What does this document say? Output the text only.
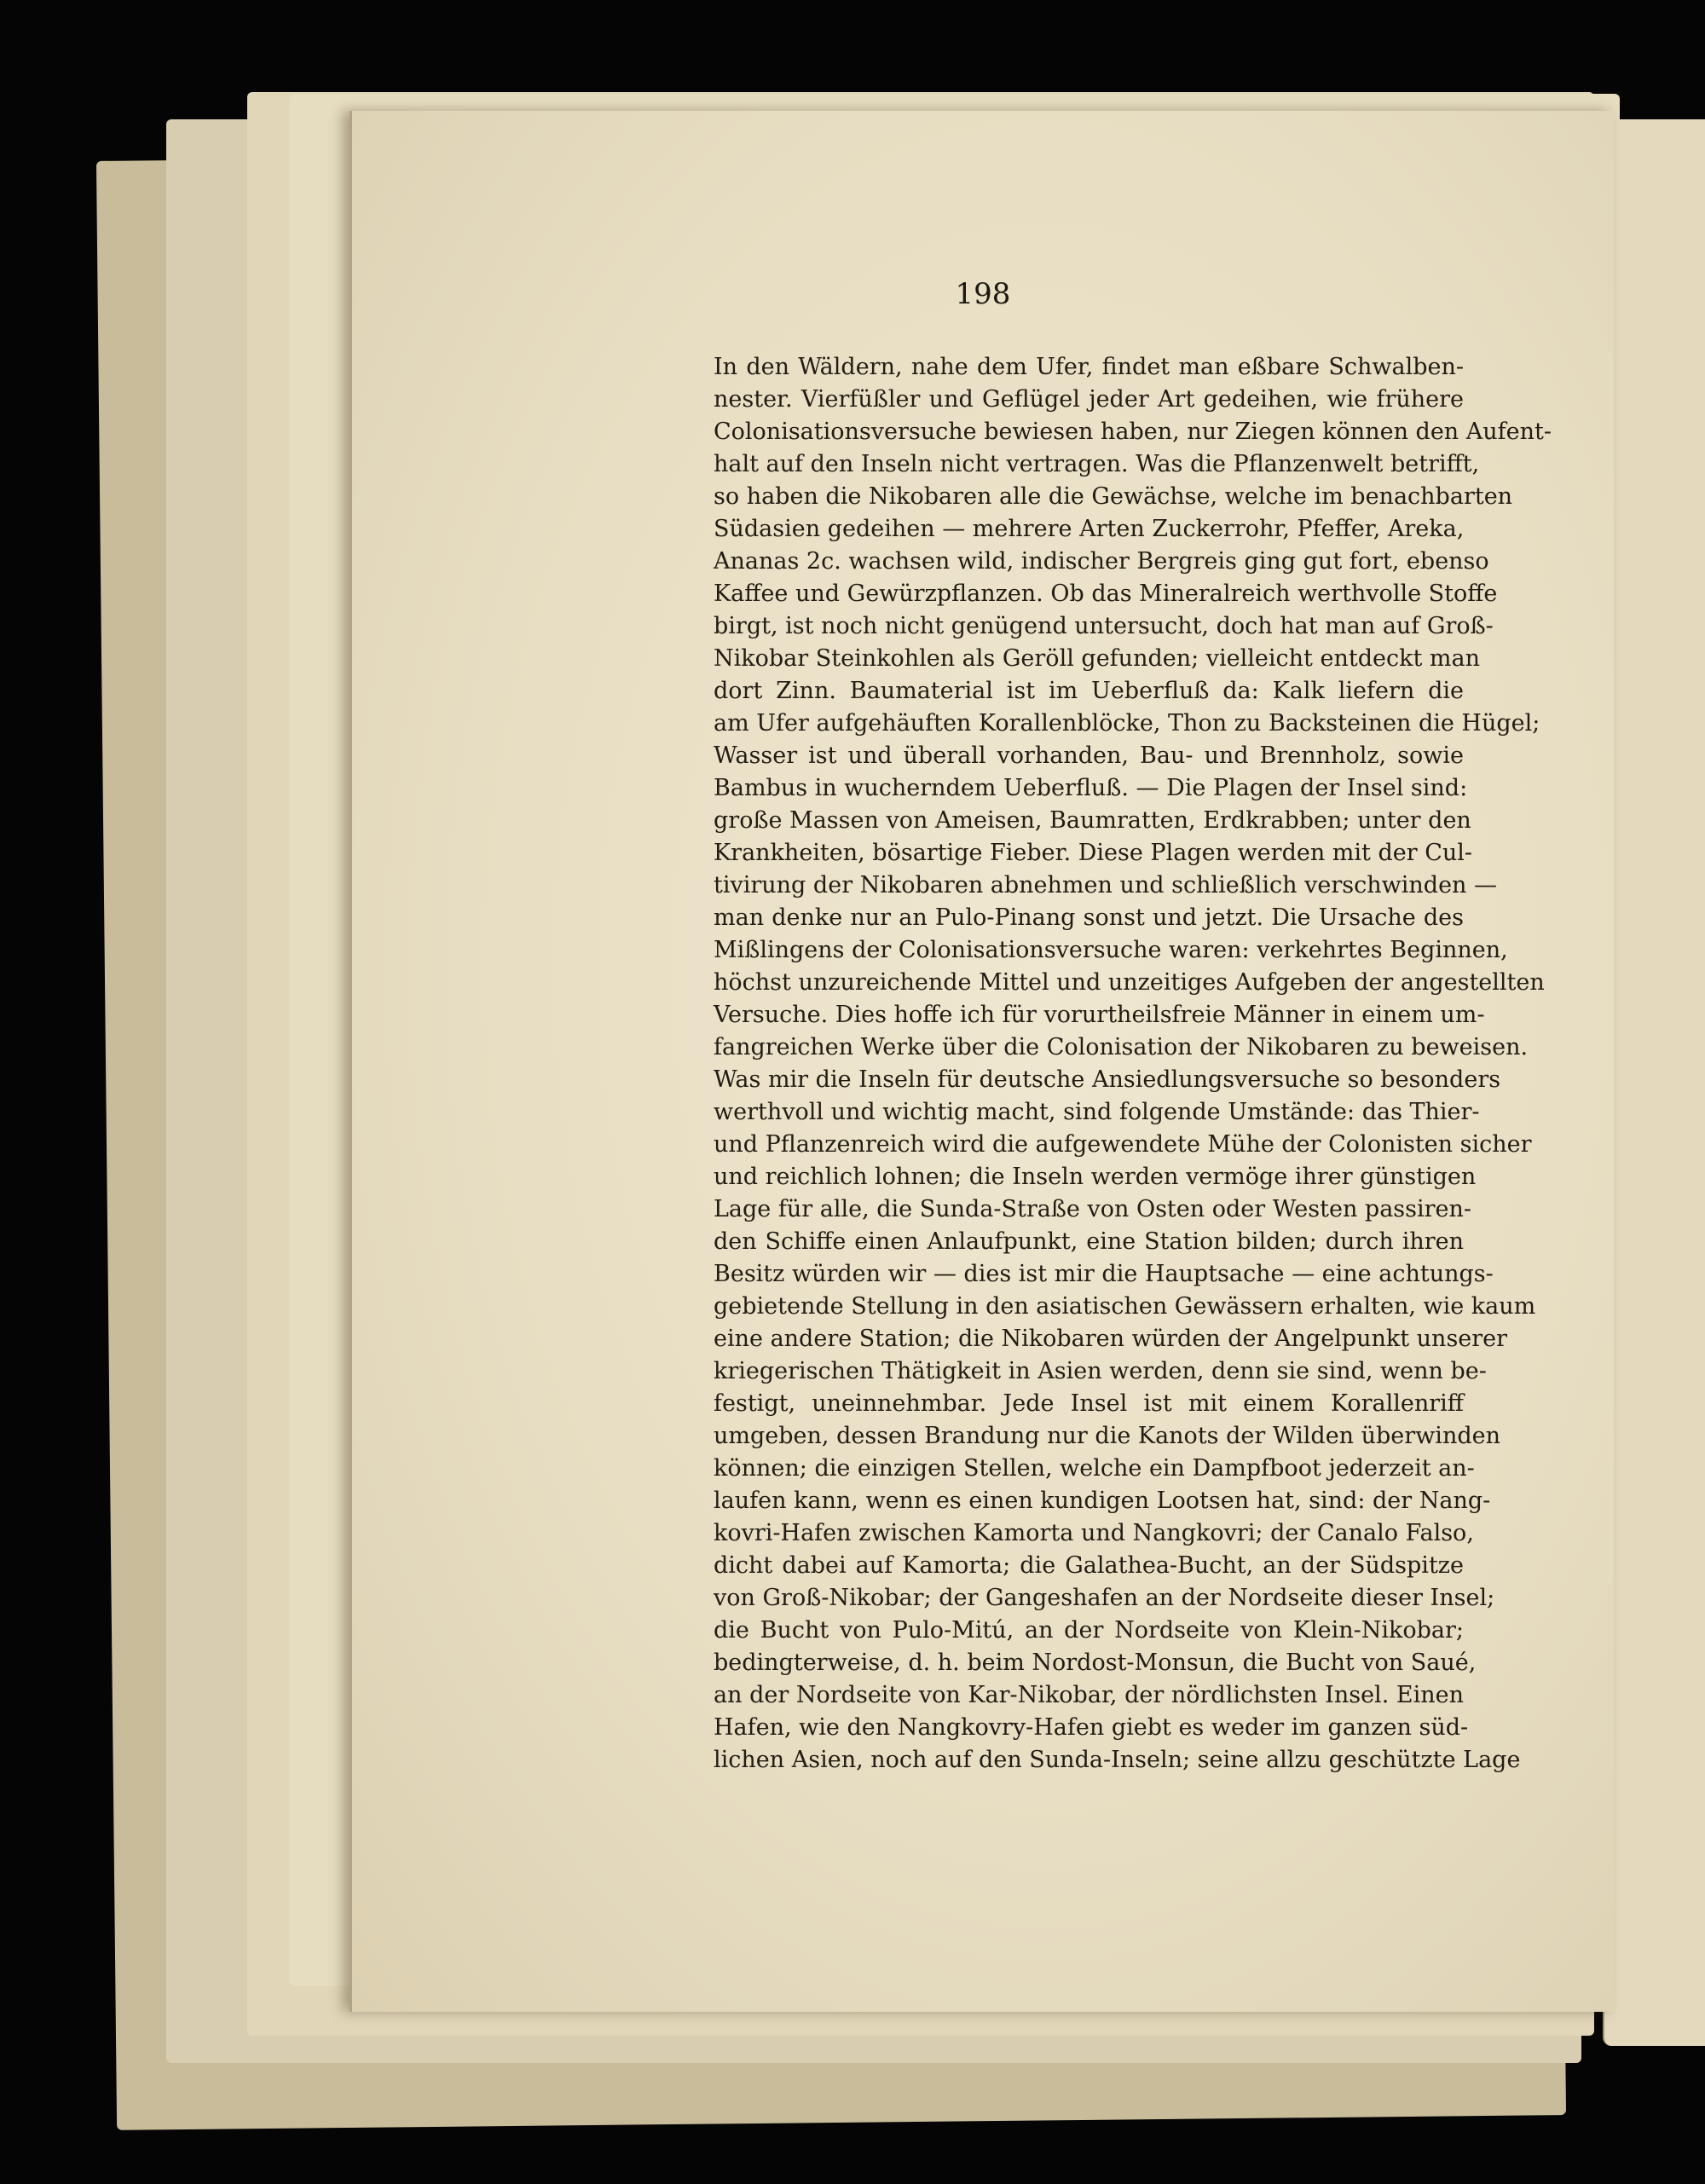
198
In den Wäldern, nahe dem Ufer, findet man eßbare Schwalben-
nester. Vierfüßler und Geflügel jeder Art gedeihen, wie frühere
Colonisationsversuche bewiesen haben, nur Ziegen können den Aufent-
halt auf den Inseln nicht vertragen. Was die Pflanzenwelt betrifft,
so haben die Nikobaren alle die Gewächse, welche im benachbarten
Südasien gedeihen — mehrere Arten Zuckerrohr, Pfeffer, Areka,
Ananas 2c. wachsen wild, indischer Bergreis ging gut fort, ebenso
Kaffee und Gewürzpflanzen. Ob das Mineralreich werthvolle Stoffe
birgt, ist noch nicht genügend untersucht, doch hat man auf Groß-
Nikobar Steinkohlen als Geröll gefunden; vielleicht entdeckt man
dort Zinn. Baumaterial ist im Ueberfluß da: Kalk liefern die
am Ufer aufgehäuften Korallenblöcke, Thon zu Backsteinen die Hügel;
Wasser ist und überall vorhanden, Bau- und Brennholz, sowie
Bambus in wucherndem Ueberfluß. — Die Plagen der Insel sind:
große Massen von Ameisen, Baumratten, Erdkrabben; unter den
Krankheiten, bösartige Fieber. Diese Plagen werden mit der Cul-
tivirung der Nikobaren abnehmen und schließlich verschwinden —
man denke nur an Pulo-Pinang sonst und jetzt. Die Ursache des
Mißlingens der Colonisationsversuche waren: verkehrtes Beginnen,
höchst unzureichende Mittel und unzeitiges Aufgeben der angestellten
Versuche. Dies hoffe ich für vorurtheilsfreie Männer in einem um-
fangreichen Werke über die Colonisation der Nikobaren zu beweisen.
Was mir die Inseln für deutsche Ansiedlungsversuche so besonders
werthvoll und wichtig macht, sind folgende Umstände: das Thier-
und Pflanzenreich wird die aufgewendete Mühe der Colonisten sicher
und reichlich lohnen; die Inseln werden vermöge ihrer günstigen
Lage für alle, die Sunda-Straße von Osten oder Westen passiren-
den Schiffe einen Anlaufpunkt, eine Station bilden; durch ihren
Besitz würden wir — dies ist mir die Hauptsache — eine achtungs-
gebietende Stellung in den asiatischen Gewässern erhalten, wie kaum
eine andere Station; die Nikobaren würden der Angelpunkt unserer
kriegerischen Thätigkeit in Asien werden, denn sie sind, wenn be-
festigt, uneinnehmbar. Jede Insel ist mit einem Korallenriff
umgeben, dessen Brandung nur die Kanots der Wilden überwinden
können; die einzigen Stellen, welche ein Dampfboot jederzeit an-
laufen kann, wenn es einen kundigen Lootsen hat, sind: der Nang-
kovri-Hafen zwischen Kamorta und Nangkovri; der Canalo Falso,
dicht dabei auf Kamorta; die Galathea-Bucht, an der Südspitze
von Groß-Nikobar; der Gangeshafen an der Nordseite dieser Insel;
die Bucht von Pulo-Mitú, an der Nordseite von Klein-Nikobar;
bedingterweise, d. h. beim Nordost-Monsun, die Bucht von Saué,
an der Nordseite von Kar-Nikobar, der nördlichsten Insel. Einen
Hafen, wie den Nangkovry-Hafen giebt es weder im ganzen süd-
lichen Asien, noch auf den Sunda-Inseln; seine allzu geschützte Lage
